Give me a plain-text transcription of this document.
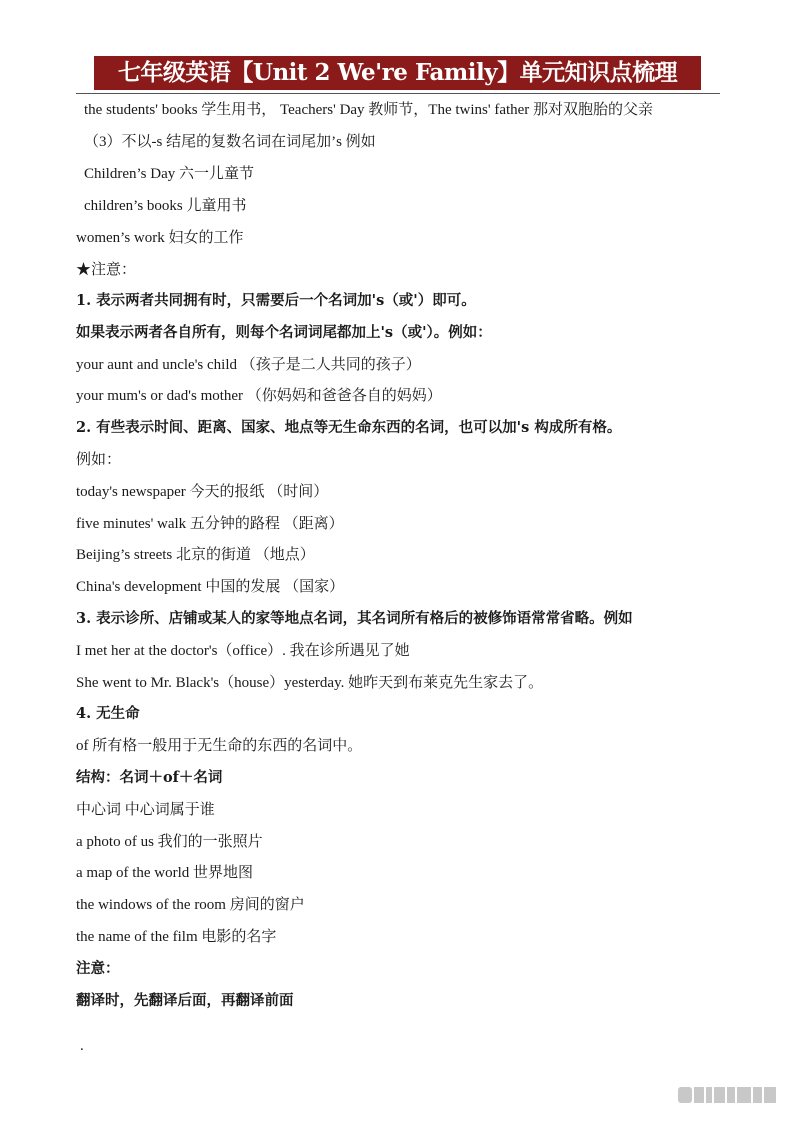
七年级英语【Unit 2 We're Family】单元知识点梳理
the students' books 学生用书， Teachers' Day 教师节，The twins' father 那对双胞胎的父亲
（3）不以-s 结尾的复数名词在词尾加’s 例如
Children’s Day 六一儿童节
children’s books 儿童用书
women’s work 妇女的工作
★注意：
1. 表示两者共同拥有时，只需要后一个名词加's（或'）即可。
如果表示两者各自所有，则每个名词词尾都加上's（或'）。例如：
your aunt and uncle's child （孩子是二人共同的孩子）
your mum's or dad's mother （你妈妈和爸爸各自的妈妈）
2. 有些表示时间、距离、国家、地点等无生命东西的名词，也可以加's 构成所有格。
例如：
today's newspaper 今天的报纸 （时间）
five minutes' walk 五分钟的路程 （距离）
Beijing’s streets 北京的街道 （地点）
China's development 中国的发展 （国家）
3. 表示诊所、店铺或某人的家等地点名词，其名词所有格后的被修饰语常常省略。例如
I met her at the doctor's（office）. 我在诊所遇见了她
She went to Mr. Black's（house）yesterday. 她昨天到布莱克先生家去了。
4. 无生命
of 所有格一般用于无生命的东西的名词中。
结构：名词＋of＋名词
中心词 中心词属于谁
a photo of us 我们的一张照片
a map of the world 世界地图
the windows of the room 房间的窗户
the name of the film 电影的名字
注意：
翻译时，先翻译后面，再翻译前面
.
